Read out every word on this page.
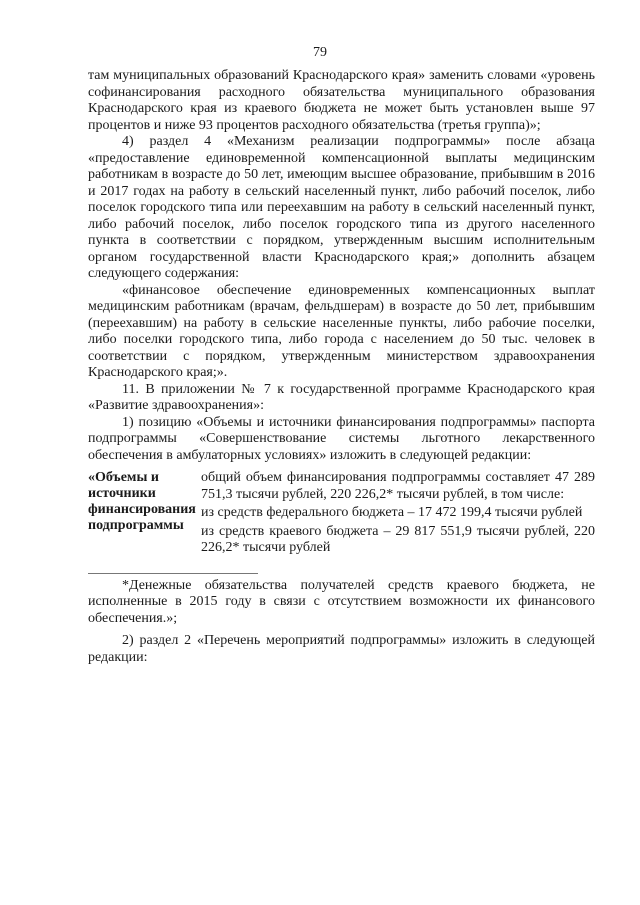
79

там муниципальных образований Краснодарского края» заменить словами «уровень софинансирования расходного обязательства муниципального образования Краснодарского края из краевого бюджета не может быть установлен выше 97 процентов и ниже 93 процентов расходного обязательства (третья группа)»;

4) раздел 4 «Механизм реализации подпрограммы» после абзаца «предоставление единовременной компенсационной выплаты медицинским работникам в возрасте до 50 лет, имеющим высшее образование, прибывшим в 2016 и 2017 годах на работу в сельский населенный пункт, либо рабочий поселок, либо поселок городского типа или переехавшим на работу в сельский населенный пункт, либо рабочий поселок, либо поселок городского типа из другого населенного пункта в соответствии с порядком, утвержденным высшим исполнительным органом государственной власти Краснодарского края;» дополнить абзацем следующего содержания:

«финансовое обеспечение единовременных компенсационных выплат медицинским работникам (врачам, фельдшерам) в возрасте до 50 лет, прибывшим (переехавшим) на работу в сельские населенные пункты, либо рабочие поселки, либо поселки городского типа, либо города с населением до 50 тыс. человек в соответствии с порядком, утвержденным министерством здравоохранения Краснодарского края;».

11. В приложении № 7 к государственной программе Краснодарского края «Развитие здравоохранения»:

1) позицию «Объемы и источники финансирования подпрограммы» паспорта подпрограммы «Совершенствование системы льготного лекарственного обеспечения в амбулаторных условиях» изложить в следующей редакции:

«Объемы и источники финансирования подпрограммы

общий объем финансирования подпрограммы составляет 47 289 751,3 тысячи рублей, 220 226,2* тысячи рублей, в том числе:

из средств федерального бюджета – 17 472 199,4 тысячи рублей

из средств краевого бюджета – 29 817 551,9 тысячи рублей, 220 226,2* тысячи рублей

*Денежные обязательства получателей средств краевого бюджета, не исполненные в 2015 году в связи с отсутствием возможности их финансового обеспечения.»;

2) раздел 2 «Перечень мероприятий подпрограммы» изложить в следующей редакции:
